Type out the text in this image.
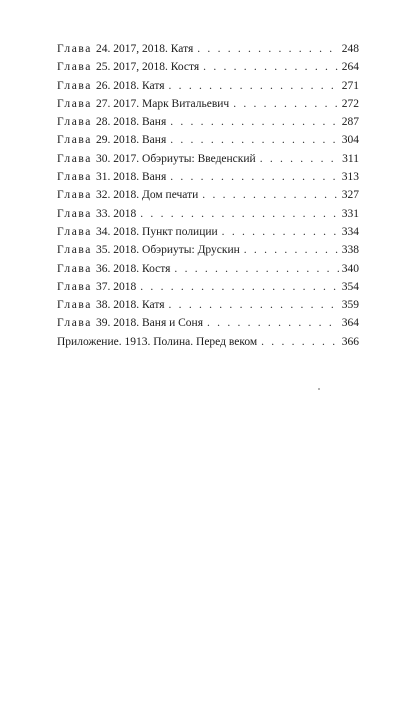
Глава 24. 2017, 2018. Катя . . .	248
Глава 25. 2017, 2018. Костя . . .	264
Глава 26. 2018. Катя . . .	271
Глава 27. 2017. Марк Витальевич . . .	272
Глава 28. 2018. Ваня . . .	287
Глава 29. 2018. Ваня . . .	304
Глава 30. 2017. Обэриуты: Введенский . . .	311
Глава 31. 2018. Ваня . . .	313
Глава 32. 2018. Дом печати . . .	327
Глава 33. 2018 . . .	331
Глава 34. 2018. Пункт полиции . . .	334
Глава 35. 2018. Обэриуты: Друскин . . .	338
Глава 36. 2018. Костя . . .	340
Глава 37. 2018 . . .	354
Глава 38. 2018. Катя . . .	359
Глава 39. 2018. Ваня и Соня . . .	364
Приложение. 1913. Полина. Перед веком . . .	366
